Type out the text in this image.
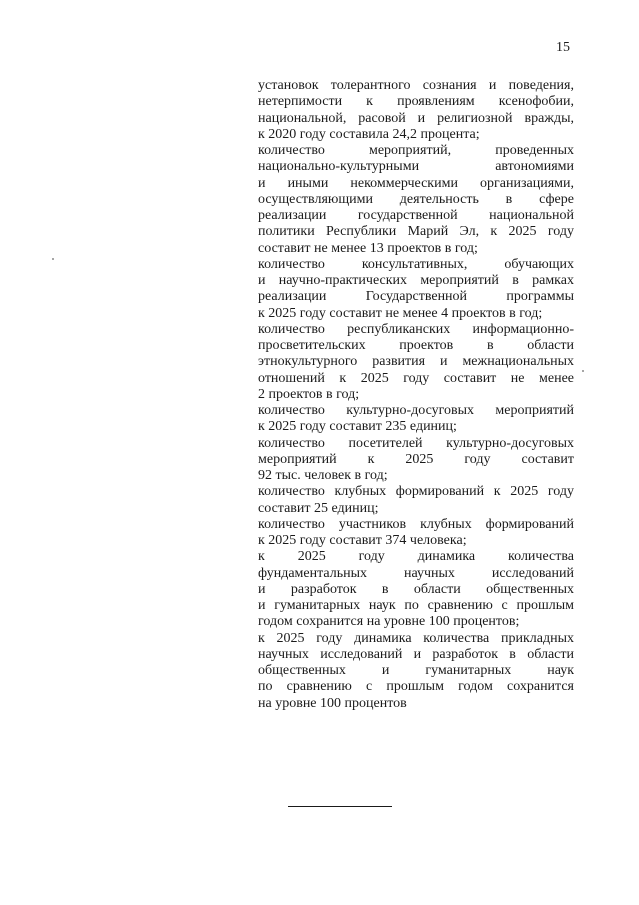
15
установок толерантного сознания и поведения,
нетерпимости к проявлениям ксенофобии,
национальной, расовой и религиозной вражды,
к 2020 году составила 24,2 процента;
количество мероприятий, проведенных
национально-культурными автономиями
и иными некоммерческими организациями,
осуществляющими деятельность в сфере
реализации государственной национальной
политики Республики Марий Эл, к 2025 году
составит не менее 13 проектов в год;
количество консультативных, обучающих
и научно-практических мероприятий в рамках
реализации Государственной программы
к 2025 году составит не менее 4 проектов в год;
количество республиканских информационно-
просветительских проектов в области
этнокультурного развития и межнациональных
отношений к 2025 году составит не менее
2 проектов в год;
количество культурно-досуговых мероприятий
к 2025 году составит 235 единиц;
количество посетителей культурно-досуговых
мероприятий к 2025 году составит
92 тыс. человек в год;
количество клубных формирований к 2025 году
составит 25 единиц;
количество участников клубных формирований
к 2025 году составит 374 человека;
к 2025 году динамика количества
фундаментальных научных исследований
и разработок в области общественных
и гуманитарных наук по сравнению с прошлым
годом сохранится на уровне 100 процентов;
к 2025 году динамика количества прикладных
научных исследований и разработок в области
общественных и гуманитарных наук
по сравнению с прошлым годом сохранится
на уровне 100 процентов
